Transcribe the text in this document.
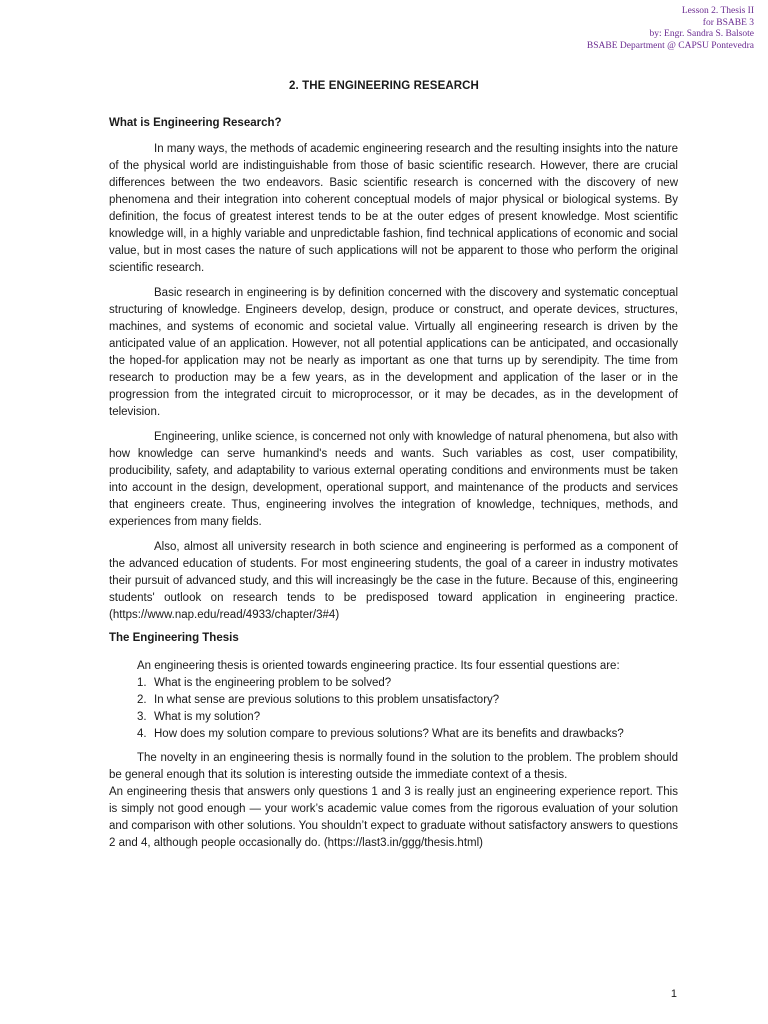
Lesson 2. Thesis II
for BSABE 3
by: Engr. Sandra S. Balsote
BSABE Department @ CAPSU Pontevedra
2. THE ENGINEERING RESEARCH
What is Engineering Research?

In many ways, the methods of academic engineering research and the resulting insights into the nature of the physical world are indistinguishable from those of basic scientific research. However, there are crucial differences between the two endeavors. Basic scientific research is concerned with the discovery of new phenomena and their integration into coherent conceptual models of major physical or biological systems. By definition, the focus of greatest interest tends to be at the outer edges of present knowledge. Most scientific knowledge will, in a highly variable and unpredictable fashion, find technical applications of economic and social value, but in most cases the nature of such applications will not be apparent to those who perform the original scientific research.

Basic research in engineering is by definition concerned with the discovery and systematic conceptual structuring of knowledge. Engineers develop, design, produce or construct, and operate devices, structures, machines, and systems of economic and societal value. Virtually all engineering research is driven by the anticipated value of an application. However, not all potential applications can be anticipated, and occasionally the hoped-for application may not be nearly as important as one that turns up by serendipity. The time from research to production may be a few years, as in the development and application of the laser or in the progression from the integrated circuit to microprocessor, or it may be decades, as in the development of television.

Engineering, unlike science, is concerned not only with knowledge of natural phenomena, but also with how knowledge can serve humankind's needs and wants. Such variables as cost, user compatibility, producibility, safety, and adaptability to various external operating conditions and environments must be taken into account in the design, development, operational support, and maintenance of the products and services that engineers create. Thus, engineering involves the integration of knowledge, techniques, methods, and experiences from many fields.

Also, almost all university research in both science and engineering is performed as a component of the advanced education of students. For most engineering students, the goal of a career in industry motivates their pursuit of advanced study, and this will increasingly be the case in the future. Because of this, engineering students' outlook on research tends to be predisposed toward application in engineering practice. (https://www.nap.edu/read/4933/chapter/3#4)

The Engineering Thesis
An engineering thesis is oriented towards engineering practice. Its four essential questions are:
1. What is the engineering problem to be solved?
2. In what sense are previous solutions to this problem unsatisfactory?
3. What is my solution?
4. How does my solution compare to previous solutions? What are its benefits and drawbacks?

The novelty in an engineering thesis is normally found in the solution to the problem. The problem should be general enough that its solution is interesting outside the immediate context of a thesis.

An engineering thesis that answers only questions 1 and 3 is really just an engineering experience report. This is simply not good enough — your work’s academic value comes from the rigorous evaluation of your solution and comparison with other solutions. You shouldn’t expect to graduate without satisfactory answers to questions 2 and 4, although people occasionally do. (https://last3.in/ggg/thesis.html)

1
